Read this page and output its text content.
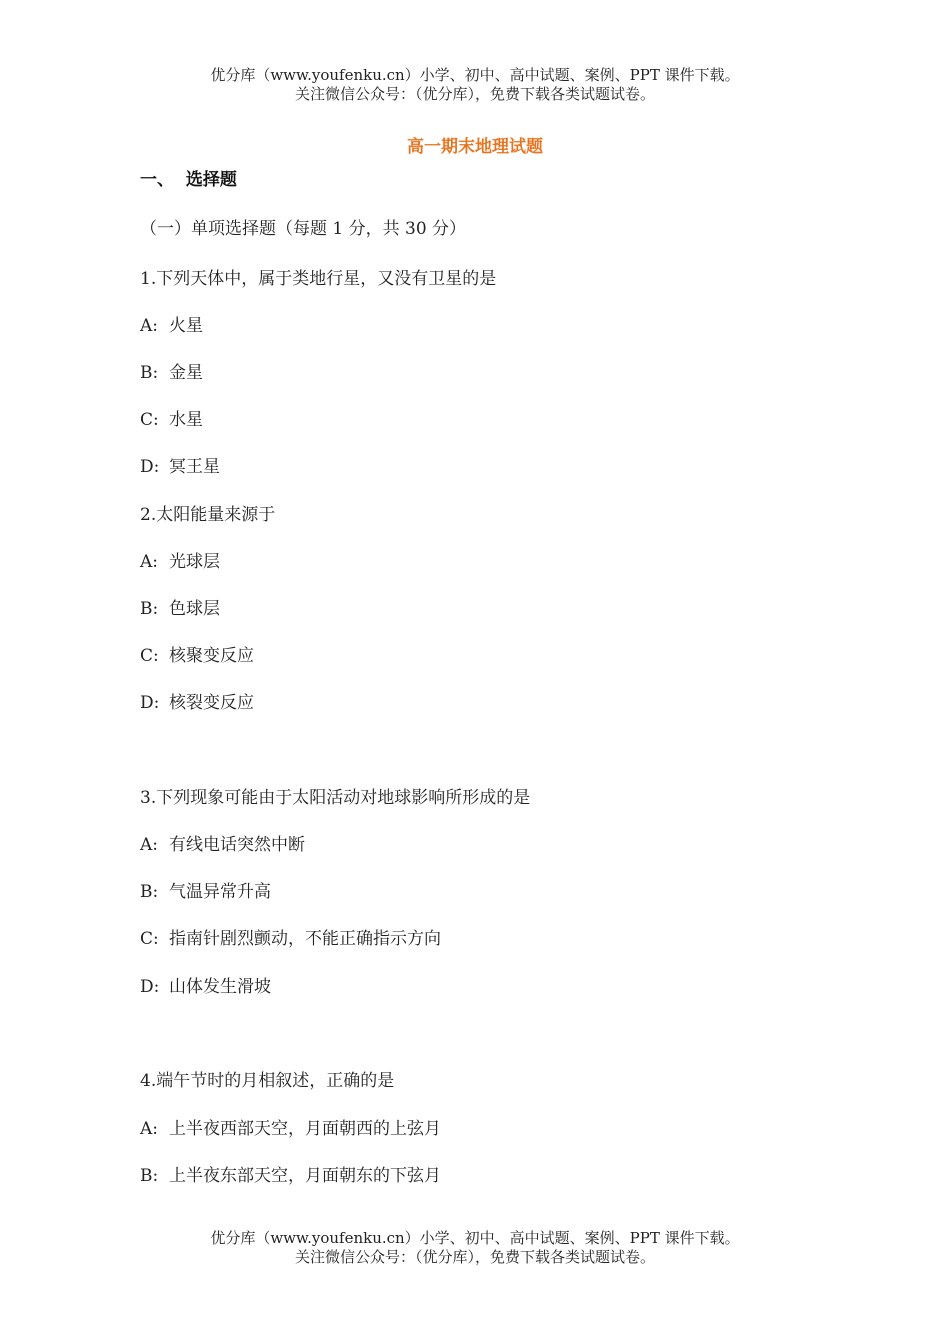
优分库（www.youfenku.cn）小学、初中、高中试题、案例、PPT 课件下载。
关注微信公众号：（优分库），免费下载各类试题试卷。
高一期末地理试题
一、  选择题
（一）单项选择题（每题 1 分，共 30 分）
1.下列天体中，属于类地行星，又没有卫星的是
A: 火星
B: 金星
C: 水星
D: 冥王星
2.太阳能量来源于
A: 光球层
B: 色球层
C: 核聚变反应
D: 核裂变反应
3.下列现象可能由于太阳活动对地球影响所形成的是
A: 有线电话突然中断
B: 气温异常升高
C: 指南针剧烈颤动，不能正确指示方向
D: 山体发生滑坡
4.端午节时的月相叙述，正确的是
A: 上半夜西部天空，月面朝西的上弦月
B: 上半夜东部天空，月面朝东的下弦月
优分库（www.youfenku.cn）小学、初中、高中试题、案例、PPT 课件下载。
关注微信公众号：（优分库），免费下载各类试题试卷。
